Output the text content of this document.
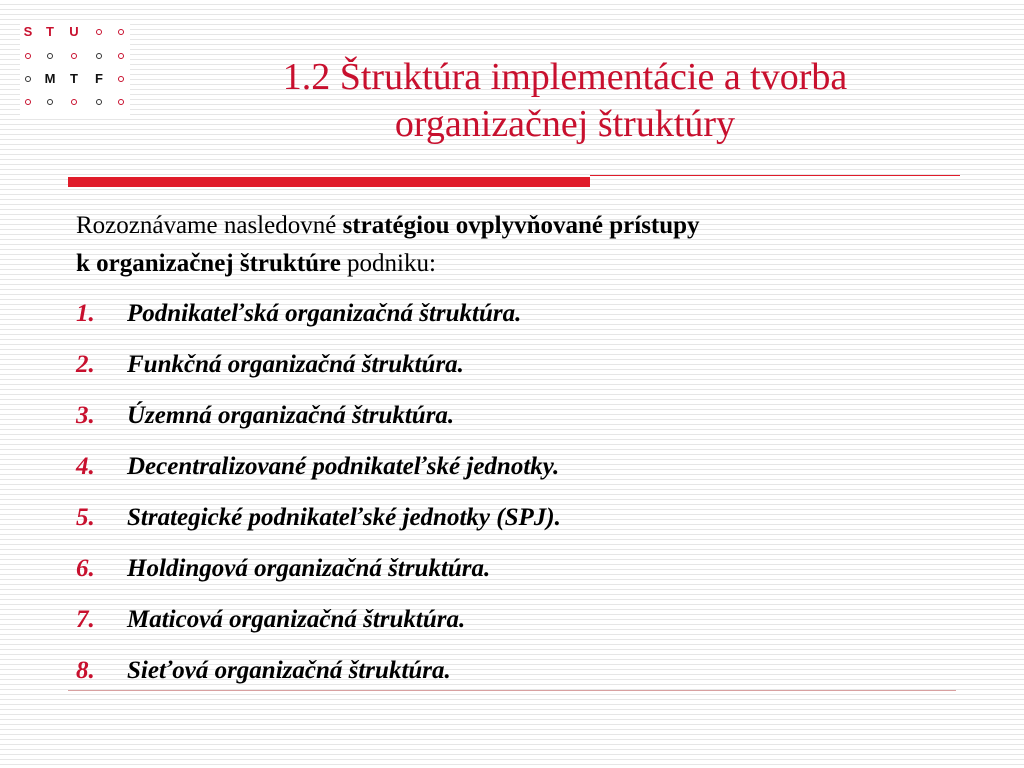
S	T	U
M	T	F	1.2 Štruktúra implementácie a tvorba
organizačnej štruktúry
Rozoznávame nasledovné stratégiou ovplyvňované prístupy
k organizačnej štruktúre podniku:
1. Podnikateľská organizačná štruktúra.
2. Funkčná organizačná štruktúra.
3. Územná organizačná štruktúra.
4. Decentralizované podnikateľské jednotky.
5. Strategické podnikateľské jednotky (SPJ).
6. Holdingová organizačná štruktúra.
7. Maticová organizačná štruktúra.
8. Sieťová organizačná štruktúra.
